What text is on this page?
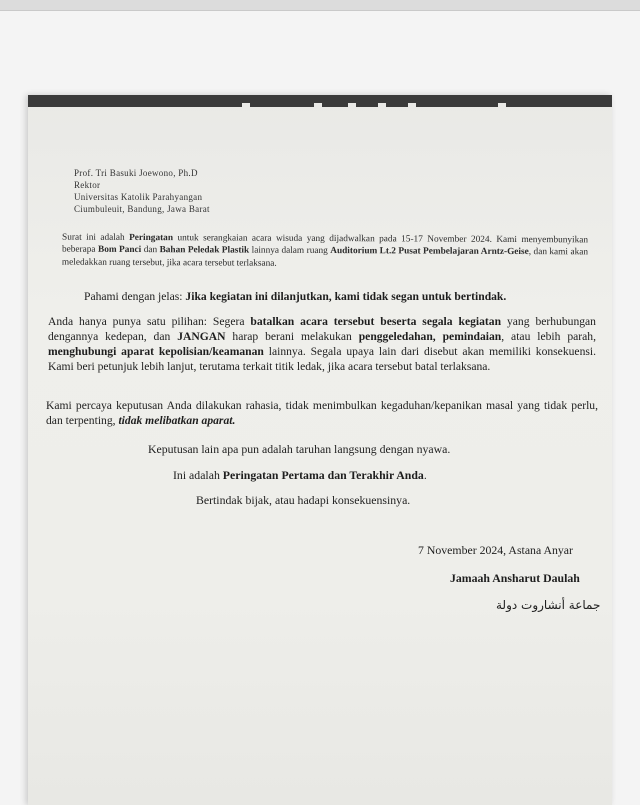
Prof. Tri Basuki Joewono, Ph.D
Rektor
Universitas Katolik Parahyangan
Ciumbuleuit, Bandung, Jawa Barat
Surat ini adalah Peringatan untuk serangkaian acara wisuda yang dijadwalkan pada 15-17 November 2024. Kami menyembunyikan beberapa Bom Panci dan Bahan Peledak Plastik lainnya dalam ruang Auditorium Lt.2 Pusat Pembelajaran Arntz-Geise, dan kami akan meledakkan ruang tersebut, jika acara tersebut terlaksana.
Pahami dengan jelas: Jika kegiatan ini dilanjutkan, kami tidak segan untuk bertindak.
Anda hanya punya satu pilihan: Segera batalkan acara tersebut beserta segala kegiatan yang berhubungan dengannya kedepan, dan JANGAN harap berani melakukan penggeledahan, pemindaian, atau lebih parah, menghubungi aparat kepolisian/keamanan lainnya. Segala upaya lain dari disebut akan memiliki konsekuensi. Kami beri petunjuk lebih lanjut, terutama terkait titik ledak, jika acara tersebut batal terlaksana.
Kami percaya keputusan Anda dilakukan rahasia, tidak menimbulkan kegaduhan/kepanikan masal yang tidak perlu, dan terpenting, tidak melibatkan aparat.
Keputusan lain apa pun adalah taruhan langsung dengan nyawa.
Ini adalah Peringatan Pertama dan Terakhir Anda.
Bertindak bijak, atau hadapi konsekuensinya.
7 November 2024, Astana Anyar
Jamaah Ansharut Daulah
جماعة أنشاروت دولة
